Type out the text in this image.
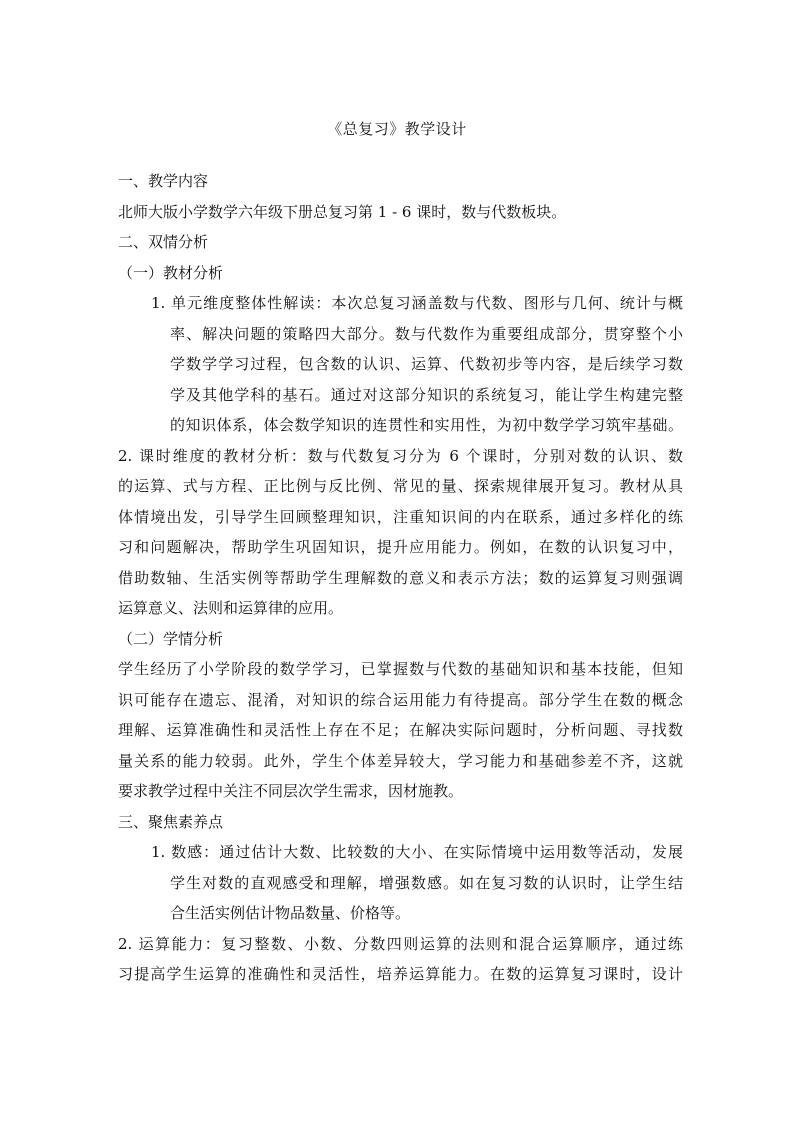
《总复习》教学设计
一、教学内容
北师大版小学数学六年级下册总复习第 1 - 6 课时，数与代数板块。
二、双情分析
（一）教材分析
1. 单元维度整体性解读：本次总复习涵盖数与代数、图形与几何、统计与概
率、解决问题的策略四大部分。数与代数作为重要组成部分，贯穿整个小
学数学学习过程，包含数的认识、运算、代数初步等内容，是后续学习数
学及其他学科的基石。通过对这部分知识的系统复习，能让学生构建完整
的知识体系，体会数学知识的连贯性和实用性，为初中数学学习筑牢基础。
2. 课时维度的教材分析：数与代数复习分为 6 个课时，分别对数的认识、数
的运算、式与方程、正比例与反比例、常见的量、探索规律展开复习。教材从具
体情境出发，引导学生回顾整理知识，注重知识间的内在联系，通过多样化的练
习和问题解决，帮助学生巩固知识，提升应用能力。例如，在数的认识复习中，
借助数轴、生活实例等帮助学生理解数的意义和表示方法；数的运算复习则强调
运算意义、法则和运算律的应用。
（二）学情分析
学生经历了小学阶段的数学学习，已掌握数与代数的基础知识和基本技能，但知
识可能存在遗忘、混淆，对知识的综合运用能力有待提高。部分学生在数的概念
理解、运算准确性和灵活性上存在不足；在解决实际问题时，分析问题、寻找数
量关系的能力较弱。此外，学生个体差异较大，学习能力和基础参差不齐，这就
要求教学过程中关注不同层次学生需求，因材施教。
三、聚焦素养点
1. 数感：通过估计大数、比较数的大小、在实际情境中运用数等活动，发展
学生对数的直观感受和理解，增强数感。如在复习数的认识时，让学生结
合生活实例估计物品数量、价格等。
2. 运算能力：复习整数、小数、分数四则运算的法则和混合运算顺序，通过练
习提高学生运算的准确性和灵活性，培养运算能力。在数的运算复习课时，设计
